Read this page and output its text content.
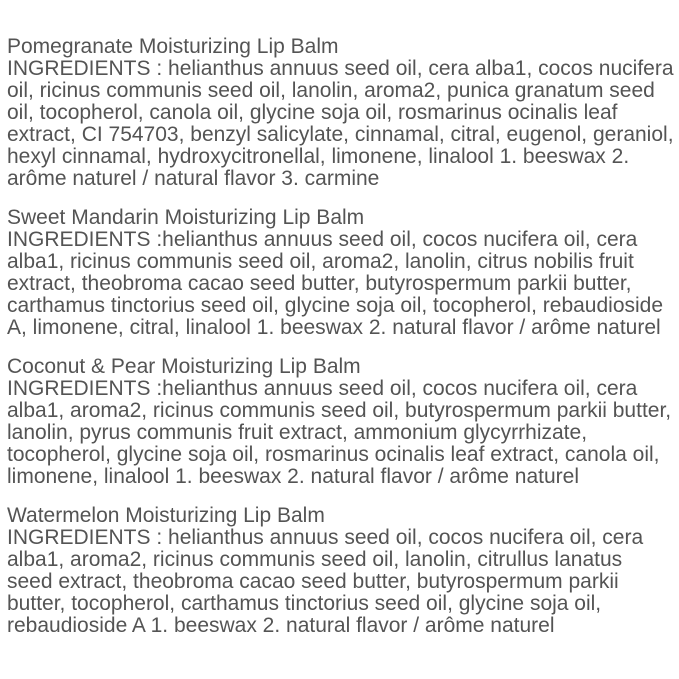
Pomegranate Moisturizing Lip Balm
INGREDIENTS : helianthus annuus seed oil, cera alba1, cocos nucifera
oil, ricinus communis seed oil, lanolin, aroma2, punica granatum seed
oil, tocopherol, canola oil, glycine soja oil, rosmarinus ocinalis leaf
extract, CI 754703, benzyl salicylate, cinnamal, citral, eugenol, geraniol,
hexyl cinnamal, hydroxycitronellal, limonene, linalool 1. beeswax 2.
arôme naturel / natural flavor 3. carmine
Sweet Mandarin Moisturizing Lip Balm
INGREDIENTS :helianthus annuus seed oil, cocos nucifera oil, cera
alba1, ricinus communis seed oil, aroma2, lanolin, citrus nobilis fruit
extract, theobroma cacao seed butter, butyrospermum parkii butter,
carthamus tinctorius seed oil, glycine soja oil, tocopherol, rebaudioside
A, limonene, citral, linalool 1. beeswax 2. natural flavor / arôme naturel
Coconut & Pear Moisturizing Lip Balm
INGREDIENTS :helianthus annuus seed oil, cocos nucifera oil, cera
alba1, aroma2, ricinus communis seed oil, butyrospermum parkii butter,
lanolin, pyrus communis fruit extract, ammonium glycyrrhizate,
tocopherol, glycine soja oil, rosmarinus ocinalis leaf extract, canola oil,
limonene, linalool 1. beeswax 2. natural flavor / arôme naturel
Watermelon Moisturizing Lip Balm
INGREDIENTS : helianthus annuus seed oil, cocos nucifera oil, cera
alba1, aroma2, ricinus communis seed oil, lanolin, citrullus lanatus
seed extract, theobroma cacao seed butter, butyrospermum parkii
butter, tocopherol, carthamus tinctorius seed oil, glycine soja oil,
rebaudioside A 1. beeswax 2. natural flavor / arôme naturel
